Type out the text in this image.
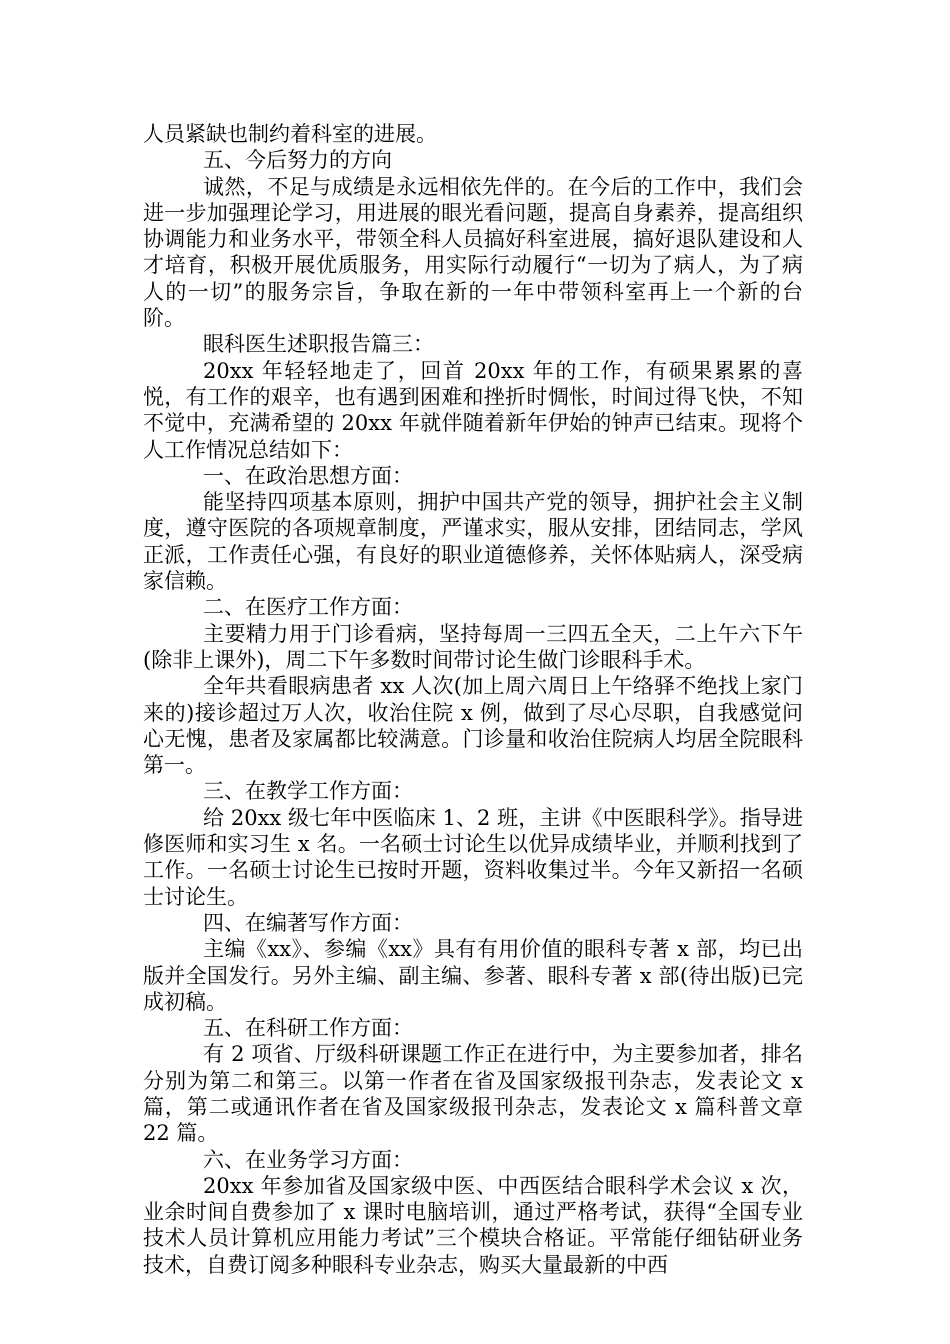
人员紧缺也制约着科室的进展。

五、今后努力的方向

诚然，不足与成绩是永远相依先伴的。在今后的工作中，我们会进一步加强理论学习，用进展的眼光看问题，提高自身素养，提高组织协调能力和业务水平，带领全科人员搞好科室进展，搞好退队建设和人才培育，积极开展优质服务，用实际行动履行“一切为了病人，为了病人的一切”的服务宗旨，争取在新的一年中带领科室再上一个新的台阶。

眼科医生述职报告篇三：

20xx 年轻轻地走了，回首 20xx 年的工作，有硕果累累的喜悦，有工作的艰辛，也有遇到困难和挫折时惆怅，时间过得飞快，不知不觉中，充满希望的 20xx 年就伴随着新年伊始的钟声已结束。现将个人工作情况总结如下：

一、在政治思想方面：

能坚持四项基本原则，拥护中国共产党的领导，拥护社会主义制度，遵守医院的各项规章制度，严谨求实，服从安排，团结同志，学风正派，工作责任心强，有良好的职业道德修养，关怀体贴病人，深受病家信赖。

二、在医疗工作方面：

主要精力用于门诊看病，坚持每周一三四五全天，二上午六下午(除非上课外)，周二下午多数时间带讨论生做门诊眼科手术。

全年共看眼病患者 xx 人次(加上周六周日上午络驿不绝找上家门来的)接诊超过万人次，收治住院 x 例，做到了尽心尽职，自我感觉问心无愧，患者及家属都比较满意。门诊量和收治住院病人均居全院眼科第一。

三、在教学工作方面：

给 20xx 级七年中医临床 1、2 班，主讲《中医眼科学》。指导进修医师和实习生 x 名。一名硕士讨论生以优异成绩毕业，并顺利找到了工作。一名硕士讨论生已按时开题，资料收集过半。今年又新招一名硕士讨论生。

四、在编著写作方面：

主编《xx》、参编《xx》具有有用价值的眼科专著 x 部，均已出版并全国发行。另外主编、副主编、参著、眼科专著 x 部(待出版)已完成初稿。

五、在科研工作方面：

有 2 项省、厅级科研课题工作正在进行中，为主要参加者，排名分别为第二和第三。以第一作者在省及国家级报刊杂志，发表论文 x 篇，第二或通讯作者在省及国家级报刊杂志，发表论文 x 篇科普文章 22 篇。

六、在业务学习方面：

20xx 年参加省及国家级中医、中西医结合眼科学术会议 x 次，业余时间自费参加了 x 课时电脑培训，通过严格考试，获得“全国专业技术人员计算机应用能力考试”三个模块合格证。平常能仔细钻研业务技术，自费订阅多种眼科专业杂志，购买大量最新的中西
